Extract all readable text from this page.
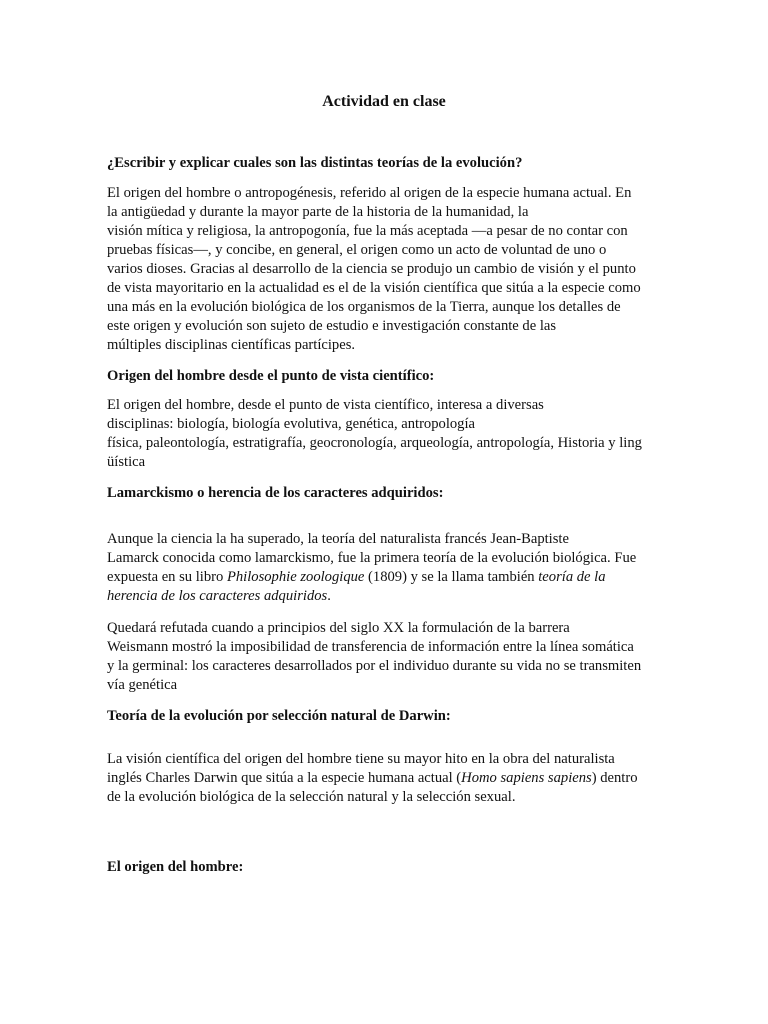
Actividad en clase
¿Escribir y explicar cuales son las distintas teorías de la evolución?
El origen del hombre o antropogénesis, referido al origen de la especie humana actual. En
la antigüedad y durante la mayor parte de la historia de la humanidad, la
visión mítica y religiosa, la antropogonía, fue la más aceptada —a pesar de no contar con
pruebas físicas—, y concibe, en general, el origen como un acto de voluntad de uno o
varios dioses. Gracias al desarrollo de la ciencia se produjo un cambio de visión y el punto
de vista mayoritario en la actualidad es el de la visión científica que sitúa a la especie como
una más en la evolución biológica de los organismos de la Tierra, aunque los detalles de
este origen y evolución son sujeto de estudio e investigación constante de las
múltiples disciplinas científicas partícipes.
Origen del hombre desde el punto de vista científico:
El origen del hombre, desde el punto de vista científico, interesa a diversas
disciplinas: biología, biología evolutiva, genética, antropología
física, paleontología, estratigrafía, geocronología, arqueología, antropología, Historia y ling
üística
Lamarckismo o herencia de los caracteres adquiridos:
Aunque la ciencia la ha superado, la teoría del naturalista francés Jean-Baptiste
Lamarck conocida como lamarckismo, fue la primera teoría de la evolución biológica. Fue
expuesta en su libro Philosophie zoologique (1809) y se la llama también teoría de la
herencia de los caracteres adquiridos.
Quedará refutada cuando a principios del siglo XX la formulación de la barrera
Weismann mostró la imposibilidad de transferencia de información entre la línea somática
y la germinal: los caracteres desarrollados por el individuo durante su vida no se transmiten
vía genética
Teoría de la evolución por selección natural de Darwin:
La visión científica del origen del hombre tiene su mayor hito en la obra del naturalista
inglés Charles Darwin que sitúa a la especie humana actual (Homo sapiens sapiens) dentro
de la evolución biológica de la selección natural y la selección sexual.
El origen del hombre:
